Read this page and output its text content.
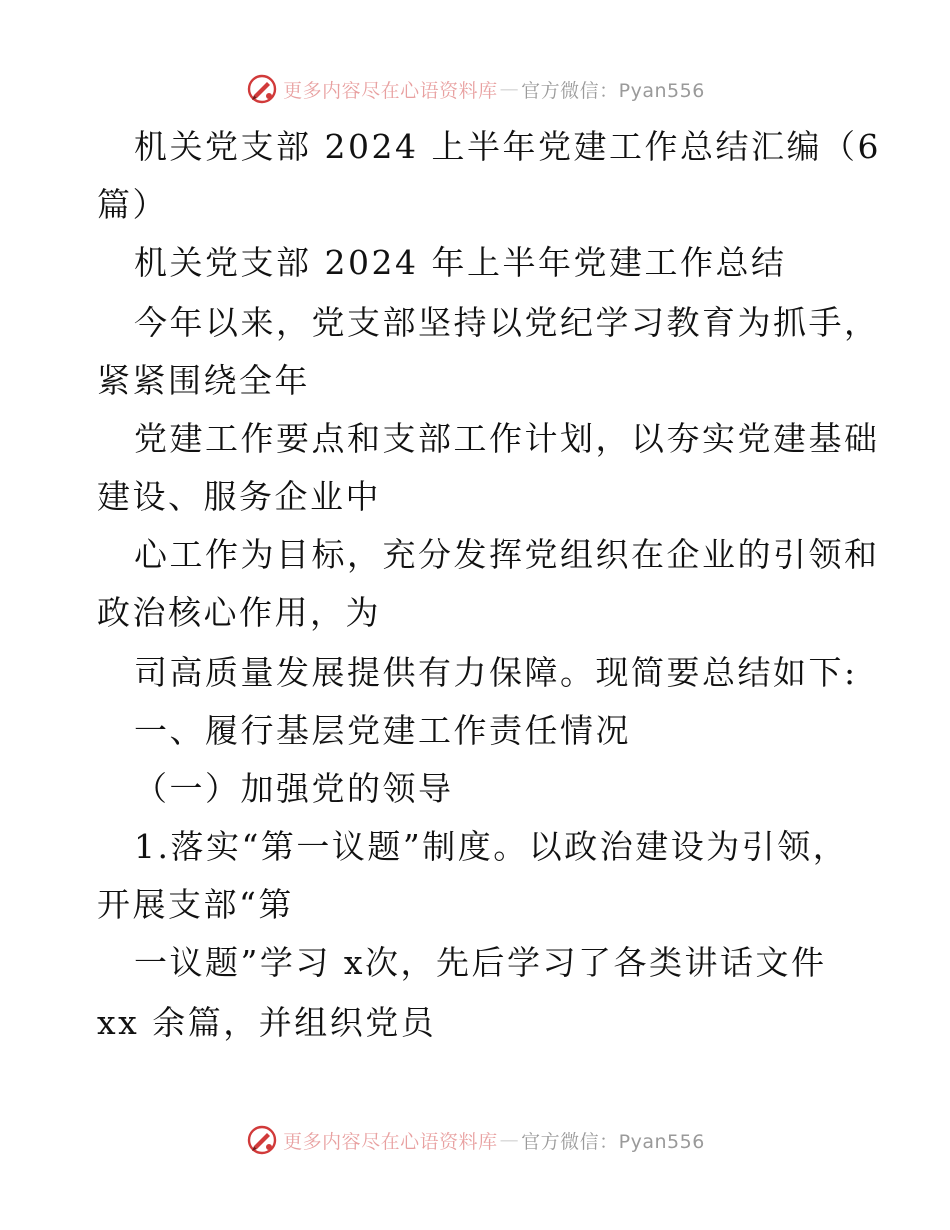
更多内容尽在心语资料库 — 官方微信：Pyan556
机关党支部 2024 上半年党建工作总结汇编（6
篇）
机关党支部 2024 年上半年党建工作总结
今年以来，党支部坚持以党纪学习教育为抓手，
紧紧围绕全年
党建工作要点和支部工作计划，以夯实党建基础
建设、服务企业中
心工作为目标，充分发挥党组织在企业的引领和
政治核心作用，为
司高质量发展提供有力保障。现简要总结如下:
一、履行基层党建工作责任情况
（一）加强党的领导
1.落实“第一议题”制度。以政治建设为引领，
开展支部“第
一议题”学习 x次，先后学习了各类讲话文件
xx 余篇，并组织党员
更多内容尽在心语资料库 — 官方微信：Pyan556
